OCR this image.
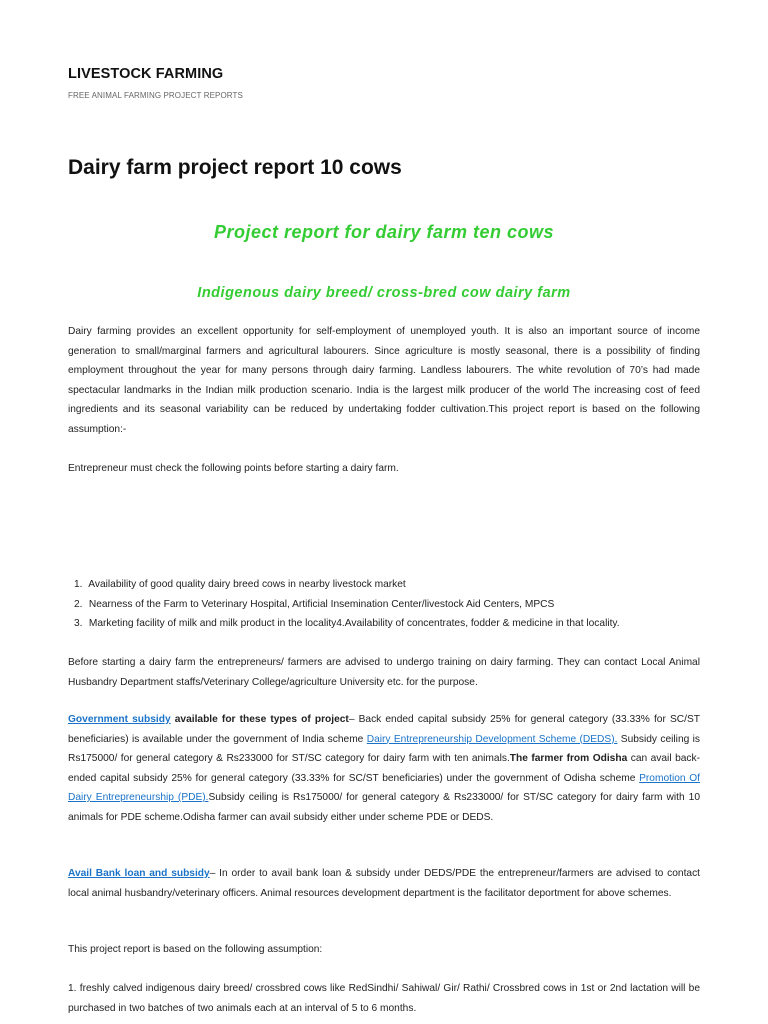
LIVESTOCK FARMING
FREE ANIMAL FARMING PROJECT REPORTS
Dairy farm project report 10 cows
Project report for dairy farm ten cows
Indigenous dairy breed/ cross-bred cow dairy farm

Dairy farming provides an excellent opportunity for self-employment of unemployed youth. It is also an important source of income generation to small/marginal farmers and agricultural labourers. Since agriculture is mostly seasonal, there is a possibility of finding employment throughout the year for many persons through dairy farming. Landless labourers. The white revolution of 70’s had made spectacular landmarks in the Indian milk production scenario. India is the largest milk producer of the world The increasing cost of feed ingredients and its seasonal variability can be reduced by undertaking fodder cultivation.This project report is based on the following assumption:-

Entrepreneur must check the following points before starting a dairy farm.

1. Availability of good quality dairy breed cows in nearby livestock market
2. Nearness of the Farm to Veterinary Hospital, Artificial Insemination Center/livestock Aid Centers, MPCS
3. Marketing facility of milk and milk product in the locality4.Availability of concentrates, fodder & medicine in that locality.

Before starting a dairy farm the entrepreneurs/ farmers are advised to undergo training on dairy farming. They can contact Local Animal Husbandry Department staffs/Veterinary College/agriculture University etc. for the purpose.

Government subsidy available for these types of project– Back ended capital subsidy 25% for general category (33.33% for SC/ST beneficiaries) is available under the government of India scheme Dairy Entrepreneurship Development Scheme (DEDS). Subsidy ceiling is Rs175000/ for general category & Rs233000 for ST/SC category for dairy farm with ten animals.The farmer from Odisha can avail back-ended capital subsidy 25% for general category (33.33% for SC/ST beneficiaries) under the government of Odisha scheme Promotion Of Dairy Entrepreneurship (PDE).Subsidy ceiling is Rs175000/ for general category & Rs233000/ for ST/SC category for dairy farm with 10 animals for PDE scheme.Odisha farmer can avail subsidy either under scheme PDE or DEDS.

Avail Bank loan and subsidy– In order to avail bank loan & subsidy under DEDS/PDE the entrepreneur/farmers are advised to contact local animal husbandry/veterinary officers. Animal resources development department is the facilitator deportment for above schemes.

This project report is based on the following assumption:

1. freshly calved indigenous dairy breed/ crossbred cows like RedSindhi/ Sahiwal/ Gir/ Rathi/ Crossbred cows in 1st or 2nd lactation will be purchased in two batches of two animals each at an interval of 5 to 6 months.
